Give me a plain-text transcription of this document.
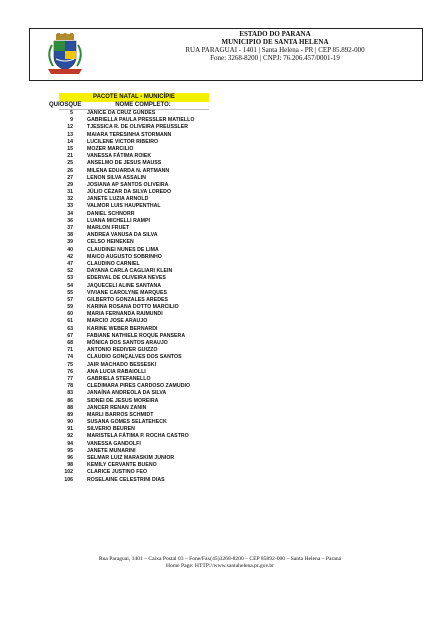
ESTADO DO PARANA
MUNICIPIO DE SANTA HELENA
RUA PARAGUAI - 1401 | Santa Helena - PR | CEP 85.892-000
Fone: 3268-8200 | CNPJ: 76.206.457/0001-19
PACOTE NATAL - MUNICÍPIE
QUIOSQUE	NOME COMPLETO:
5	JANICE DA CRUZ GUNDES
9	GABRIELLA PAULA PRESSLER MATIELLO
12	TJESSICA R. DE OLIVEIRA PREUSSLER
13	MAIARA TERESINHA STORMANN
14	LUCILENE VICTOR RIBEIRO
15	MOZER MARCILIO
21	VANESSA FÁTIMA ROIEK
25	ANSELMO DE JESUS MAUSS
26	MILENA EDUARDA N. ARTMANN
27	LENON SILVA ASSALIN
29	JOSIANA AP SANTOS OLIVEIRA
31	JÚLIO CÉZAR DA SILVA LOREDO
32	JANETE LUZIA ARNOLD
33	VALMOR LUIS HAUPENTHAL
34	DANIEL SCHNORR
36	LUANA MICHELLI RAMPI
37	MARLON FRUET
38	ANDREA VANUSA DA SILVA
39	CELSO HEINEKEN
40	CLAUDINEI NUNES DE LIMA
42	MAICO AUGUSTO SOBRINHO
47	CLAUDINO CARNIEL
52	DAYANA CARLA CAGLIARI KLEIN
53	EDERVAL DE OLIVEIRA NEVES
54	JAQUECELI ALINE SANTANA
55	VIVIANE CAROLYNE MARQUES
57	GILBERTO GONZALES AREDES
59	KARINA ROSANA DOTTO MARCILIO
60	MARIA FERNANDA RAIMUNDI
61	MARCIO JOSE ARAUJO
63	KARINE WEBER BERNARDI
67	FABIANE NATHIELE ROQUE PANSERA
68	MÔNICA DOS SANTOS ARAUJO
71	ANTONIO REDIVER GUIZZO
74	CLAUDIO GONÇALVES DOS SANTOS
75	JAIR MACHADO BESSESKI
76	ANA LUCIA RABAIOLLI
77	GABRIELA STEFANELLO
78	CLEDIMARA PIRES CARDOSO ZAMUDIO
83	JANAÍNA ANDREOLA DA SILVA
86	SIDNEI DE JESUS MOREIRA
88	JANCER RENAN ZANIN
89	MARLI BARROS SCHMIDT
90	SUSANA GOMES SELATEHECK
91	SILVERIO BEUREN
92	MARISTELA FÁTIMA P. ROCHA CASTRO
94	VANESSA GANDOLFI
95	JANETE MUNARINI
96	SELMAR LUIZ MARASKIM JUNIOR
98	KEMILY CERVANTE BUENO
102	CLARICE JUSTINO FEO
106	ROSELAINE CELESTRINI DIAS
Rua Paraguai, 1401 – Caixa Postal 03 – Fone/Fax(45)3268-8200 – CEP 85892-000 – Santa Helena – Paraná
Home Page: HTTP://www.santahelena.pr.gov.br
